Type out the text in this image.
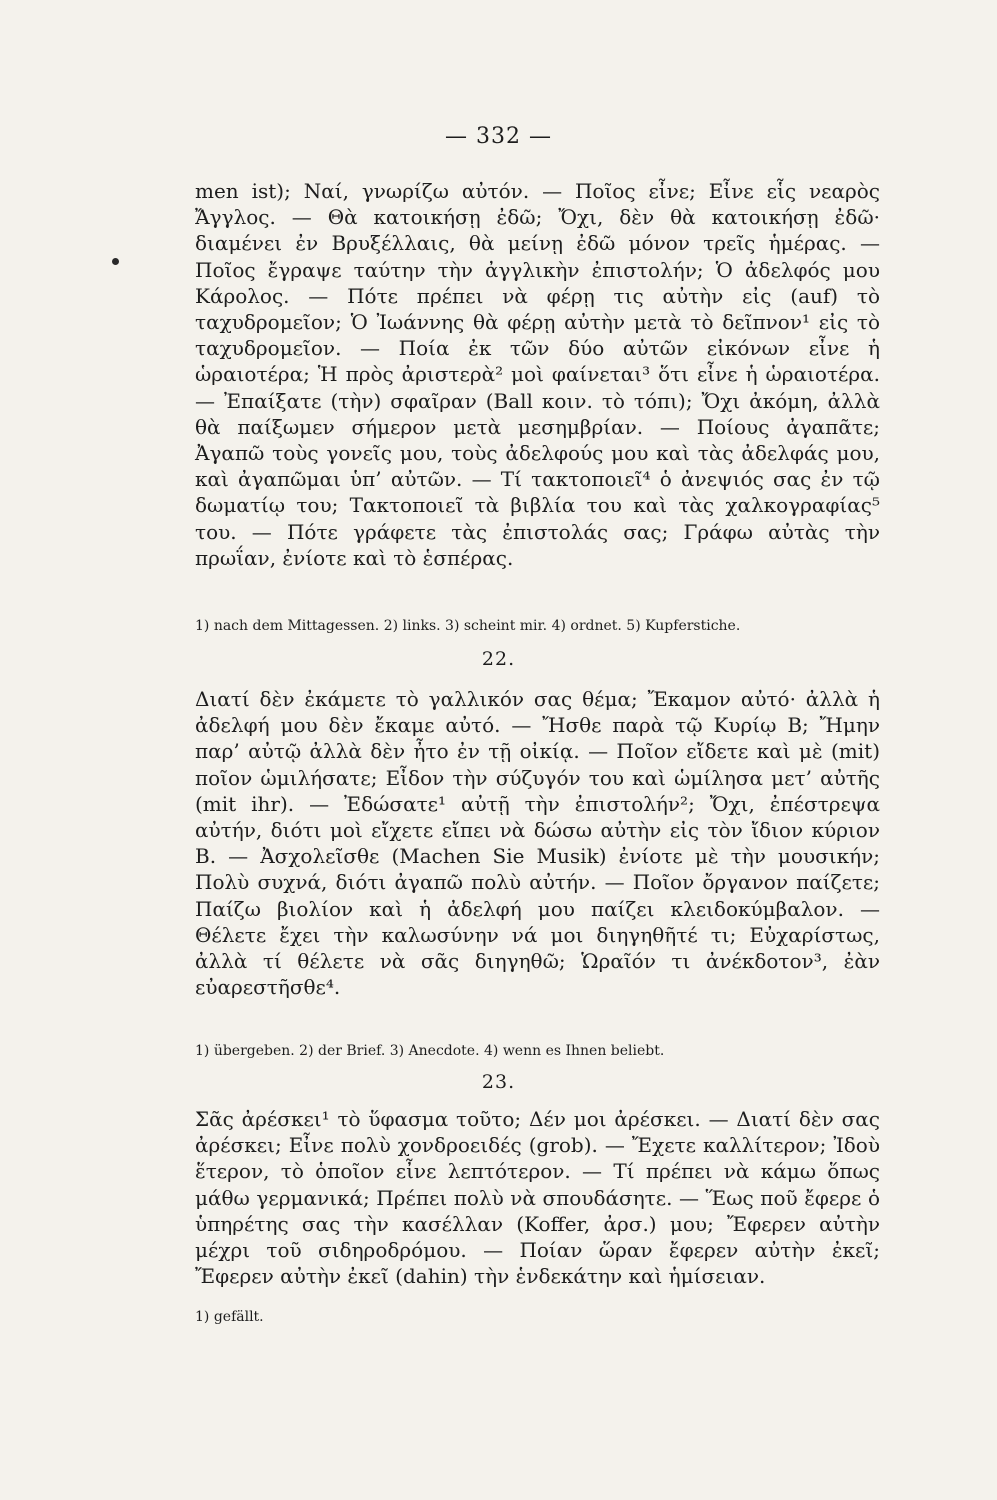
— 332 —

men ist); Ναί, γνωρίζω αὐτόν. — Ποῖος εἶνε; Εἶνε εἷς νεαρὸς Ἄγγλος. — Θὰ κατοικήσῃ ἐδῶ; Ὄχι, δὲν θὰ κατοικήσῃ ἐδῶ· διαμένει ἐν Βρυξέλλαις, θὰ μείνῃ ἐδῶ μόνον τρεῖς ἡμέρας. — Ποῖος ἔγραψε ταύτην τὴν ἀγγλικὴν ἐπιστολήν; Ὁ ἀδελφός μου Κάρολος. — Πότε πρέπει νὰ φέρῃ τις αὐτὴν εἰς (auf) τὸ ταχυδρομεῖον; Ὁ Ἰωάννης θὰ φέρῃ αὐτὴν μετὰ τὸ δεῖπνον¹ εἰς τὸ ταχυδρομεῖον. — Ποία ἐκ τῶν δύο αὐτῶν εἰκόνων εἶνε ἡ ὡραιοτέρα; Ἡ πρὸς ἀριστερὰ² μοὶ φαίνεται³ ὅτι εἶνε ἡ ὡραιοτέρα. — Ἐπαίξατε (τὴν) σφαῖραν (Ball κοιν. τὸ τόπι); Ὄχι ἀκόμη, ἀλλὰ θὰ παίξωμεν σήμερον μετὰ μεσημβρίαν. — Ποίους ἀγαπᾶτε; Ἀγαπῶ τοὺς γονεῖς μου, τοὺς ἀδελφούς μου καὶ τὰς ἀδελφάς μου, καὶ ἀγαπῶμαι ὑπ’ αὐτῶν. — Τί τακτοποιεῖ⁴ ὁ ἀνεψιός σας ἐν τῷ δωματίῳ του; Τακτοποιεῖ τὰ βιβλία του καὶ τὰς χαλκογραφίας⁵ του. — Πότε γράφετε τὰς ἐπιστολάς σας; Γράφω αὐτὰς τὴν πρωΐαν, ἐνίοτε καὶ τὸ ἑσπέρας.

1) nach dem Mittagessen. 2) links. 3) scheint mir. 4) ordnet. 5) Kupferstiche.

22.

Διατί δὲν ἐκάμετε τὸ γαλλικόν σας θέμα; Ἔκαμον αὐτό· ἀλλὰ ἡ ἀδελφή μου δὲν ἔκαμε αὐτό. — Ἤσθε παρὰ τῷ Κυρίῳ Β; Ἤμην παρ’ αὐτῷ ἀλλὰ δὲν ἦτο ἐν τῇ οἰκίᾳ. — Ποῖον εἴδετε καὶ μὲ (mit) ποῖον ὡμιλήσατε; Εἶδον τὴν σύζυγόν του καὶ ὡμίλησα μετ’ αὐτῆς (mit ihr). — Ἐδώσατε¹ αὐτῇ τὴν ἐπιστολήν²; Ὄχι, ἐπέστρεψα αὐτήν, διότι μοὶ εἴχετε εἴπει νὰ δώσω αὐτὴν εἰς τὸν ἴδιον κύριον Β. — Ἀσχολεῖσθε (Machen Sie Musik) ἐνίοτε μὲ τὴν μουσικήν; Πολὺ συχνά, διότι ἀγαπῶ πολὺ αὐτήν. — Ποῖον ὄργανον παίζετε; Παίζω βιολίον καὶ ἡ ἀδελφή μου παίζει κλειδοκύμβαλον. — Θέλετε ἔχει τὴν καλωσύνην νά μοι διηγηθῆτέ τι; Εὐχαρίστως, ἀλλὰ τί θέλετε νὰ σᾶς διηγηθῶ; Ὡραῖόν τι ἀνέκδοτον³, ἐὰν εὐαρεστῆσθε⁴.

1) übergeben. 2) der Brief. 3) Anecdote. 4) wenn es Ihnen beliebt.

23.

Σᾶς ἀρέσκει¹ τὸ ὕφασμα τοῦτο; Δέν μοι ἀρέσκει. — Διατί δὲν σας ἀρέσκει; Εἶνε πολὺ χονδροειδές (grob). — Ἔχετε καλλίτερον; Ἰδοὺ ἕτερον, τὸ ὁποῖον εἶνε λεπτότερον. — Τί πρέπει νὰ κάμω ὅπως μάθω γερμανικά; Πρέπει πολὺ νὰ σπουδάσητε. — Ἕως ποῦ ἔφερε ὁ ὑπηρέτης σας τὴν κασέλλαν (Koffer, ἀρσ.) μου; Ἔφερεν αὐτὴν μέχρι τοῦ σιδηροδρόμου. — Ποίαν ὥραν ἔφερεν αὐτὴν ἐκεῖ; Ἔφερεν αὐτὴν ἐκεῖ (dahin) τὴν ἑνδεκάτην καὶ ἡμίσειαν.

1) gefällt.
